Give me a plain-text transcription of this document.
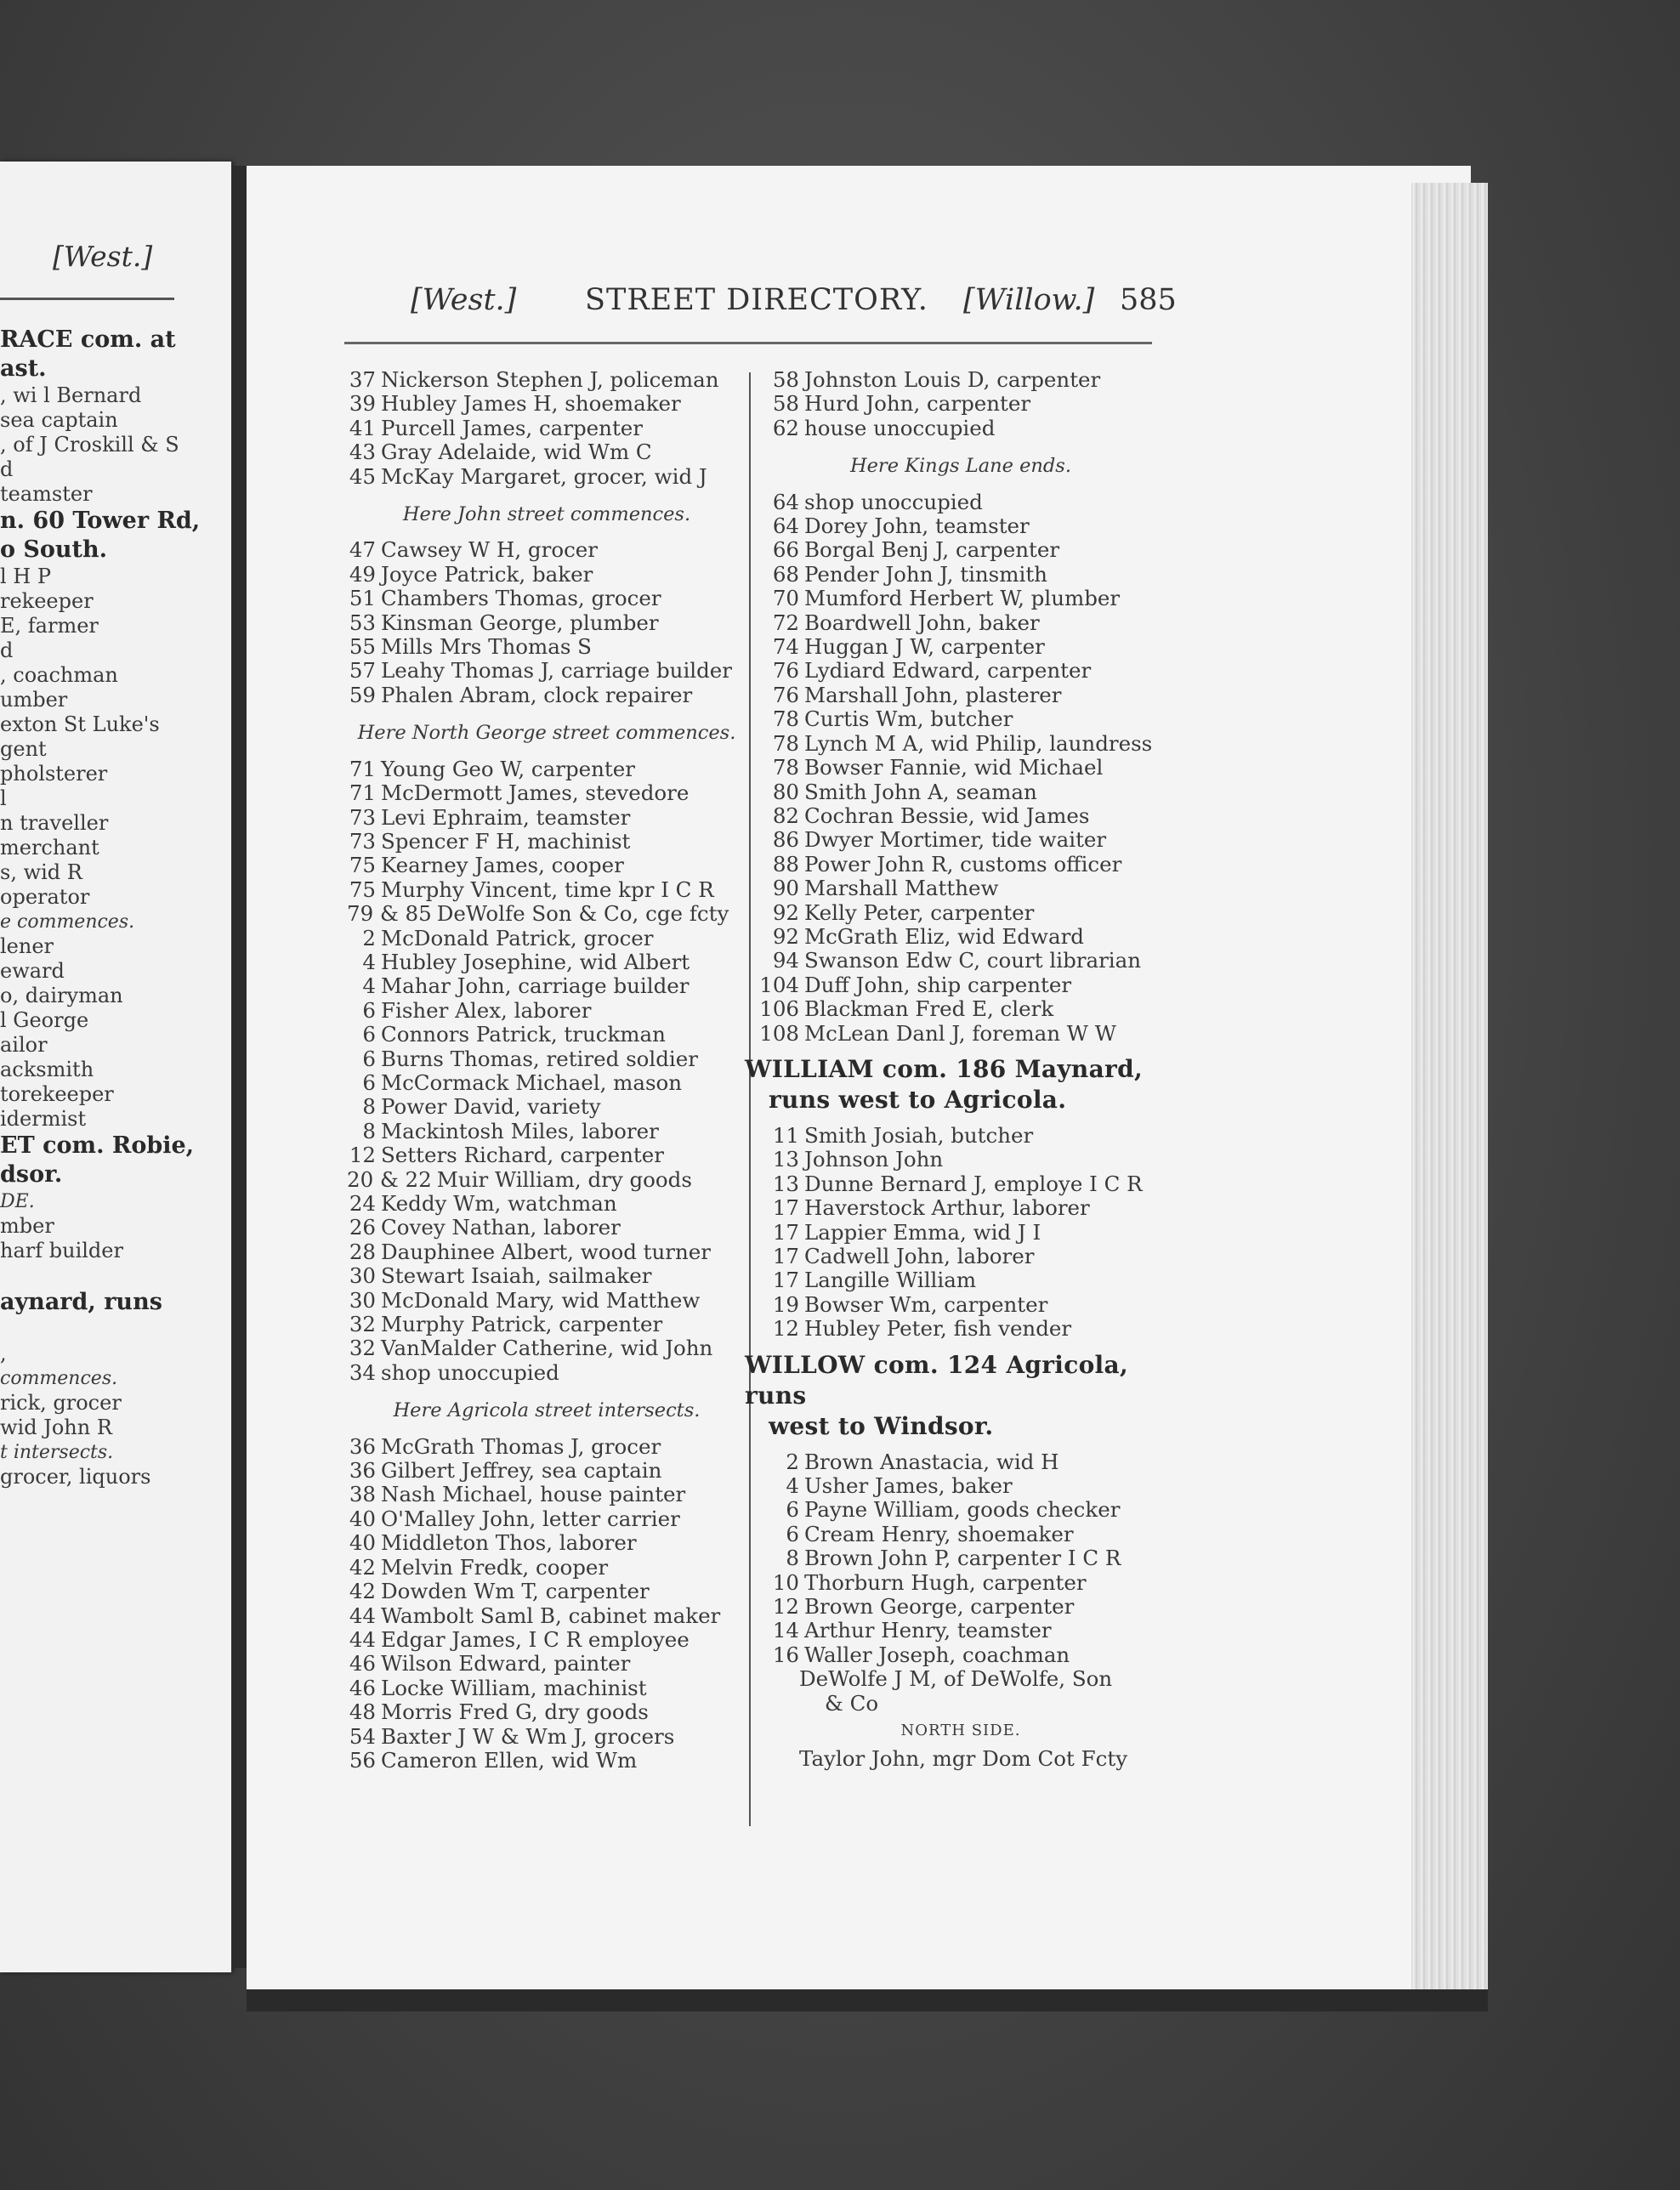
[West.]
RACE com. at
ast.
, wi l Bernard
sea captain
, of J Croskill & S
d
teamster
n. 60 Tower Rd,
o South.
l H P
rekeeper
E, farmer
d
, coachman
umber
exton St Luke's
gent
pholsterer
l
n traveller
merchant
s, wid R
operator
e commences.
lener
eward
o, dairyman
l George
ailor
acksmith
torekeeper
idermist
ET com. Robie,
dsor.
DE.
mber
harf builder

aynard, runs

,
commences.
rick, grocer
wid John R
t intersects.
grocer, liquors
[West.] STREET DIRECTORY. [Willow.] 585
37 Nickerson Stephen J, policeman
39 Hubley James H, shoemaker
41 Purcell James, carpenter
43 Gray Adelaide, wid Wm C
45 McKay Margaret, grocer, wid J
Here John street commences.
47 Cawsey W H, grocer
49 Joyce Patrick, baker
51 Chambers Thomas, grocer
53 Kinsman George, plumber
55 Mills Mrs Thomas S
57 Leahy Thomas J, carriage builder
59 Phalen Abram, clock repairer
Here North George street commences.
71 Young Geo W, carpenter
71 McDermott James, stevedore
73 Levi Ephraim, teamster
73 Spencer F H, machinist
75 Kearney James, cooper
75 Murphy Vincent, time kpr I C R
79 & 85 DeWolfe Son & Co, cge fcty
2 McDonald Patrick, grocer
4 Hubley Josephine, wid Albert
4 Mahar John, carriage builder
6 Fisher Alex, laborer
6 Connors Patrick, truckman
6 Burns Thomas, retired soldier
6 McCormack Michael, mason
8 Power David, variety
8 Mackintosh Miles, laborer
12 Setters Richard, carpenter
20 & 22 Muir William, dry goods
24 Keddy Wm, watchman
26 Covey Nathan, laborer
28 Dauphinee Albert, wood turner
30 Stewart Isaiah, sailmaker
30 McDonald Mary, wid Matthew
32 Murphy Patrick, carpenter
32 VanMalder Catherine, wid John
34 shop unoccupied
Here Agricola street intersects.
36 McGrath Thomas J, grocer
36 Gilbert Jeffrey, sea captain
38 Nash Michael, house painter
40 O'Malley John, letter carrier
40 Middleton Thos, laborer
42 Melvin Fredk, cooper
42 Dowden Wm T, carpenter
44 Wambolt Saml B, cabinet maker
44 Edgar James, I C R employee
46 Wilson Edward, painter
46 Locke William, machinist
48 Morris Fred G, dry goods
54 Baxter J W & Wm J, grocers
56 Cameron Ellen, wid Wm
58 Johnston Louis D, carpenter
58 Hurd John, carpenter
62 house unoccupied
Here Kings Lane ends.
64 shop unoccupied
64 Dorey John, teamster
66 Borgal Benj J, carpenter
68 Pender John J, tinsmith
70 Mumford Herbert W, plumber
72 Boardwell John, baker
74 Huggan J W, carpenter
76 Lydiard Edward, carpenter
76 Marshall John, plasterer
78 Curtis Wm, butcher
78 Lynch M A, wid Philip, laundress
78 Bowser Fannie, wid Michael
80 Smith John A, seaman
82 Cochran Bessie, wid James
86 Dwyer Mortimer, tide waiter
88 Power John R, customs officer
90 Marshall Matthew
92 Kelly Peter, carpenter
92 McGrath Eliz, wid Edward
94 Swanson Edw C, court librarian
104 Duff John, ship carpenter
106 Blackman Fred E, clerk
108 McLean Danl J, foreman W W
WILLIAM com. 186 Maynard,
runs west to Agricola.
11 Smith Josiah, butcher
13 Johnson John
13 Dunne Bernard J, employe I C R
17 Haverstock Arthur, laborer
17 Lappier Emma, wid J I
17 Cadwell John, laborer
17 Langille William
19 Bowser Wm, carpenter
12 Hubley Peter, fish vender
WILLOW com. 124 Agricola, runs
west to Windsor.
2 Brown Anastacia, wid H
4 Usher James, baker
6 Payne William, goods checker
6 Cream Henry, shoemaker
8 Brown John P, carpenter I C R
10 Thorburn Hugh, carpenter
12 Brown George, carpenter
14 Arthur Henry, teamster
16 Waller Joseph, coachman
DeWolfe J M, of DeWolfe, Son
& Co
NORTH SIDE.
Taylor John, mgr Dom Cot Fcty
